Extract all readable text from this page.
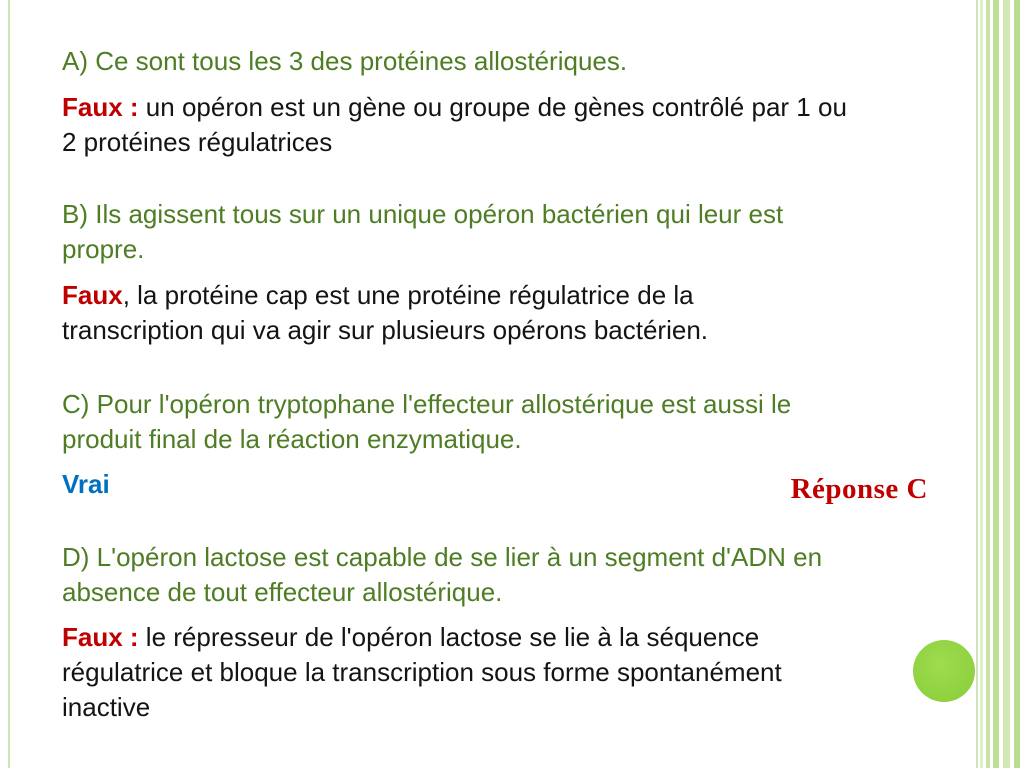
A) Ce sont tous les 3 des protéines allostériques.
Faux : un opéron est un gène ou groupe de gènes contrôlé par 1 ou
2 protéines régulatrices
B) Ils agissent tous sur un unique opéron bactérien qui leur est
propre.
Faux, la protéine cap est une protéine régulatrice de la
transcription qui va agir sur plusieurs opérons bactérien.
C) Pour l'opéron tryptophane l'effecteur allostérique est aussi le
produit final de la réaction enzymatique.
Vrai	Réponse C
D) L'opéron lactose est capable de se lier à un segment d'ADN en
absence de tout effecteur allostérique.
Faux : le répresseur de l'opéron lactose se lie à la séquence
régulatrice et bloque la transcription sous forme spontanément
inactive
